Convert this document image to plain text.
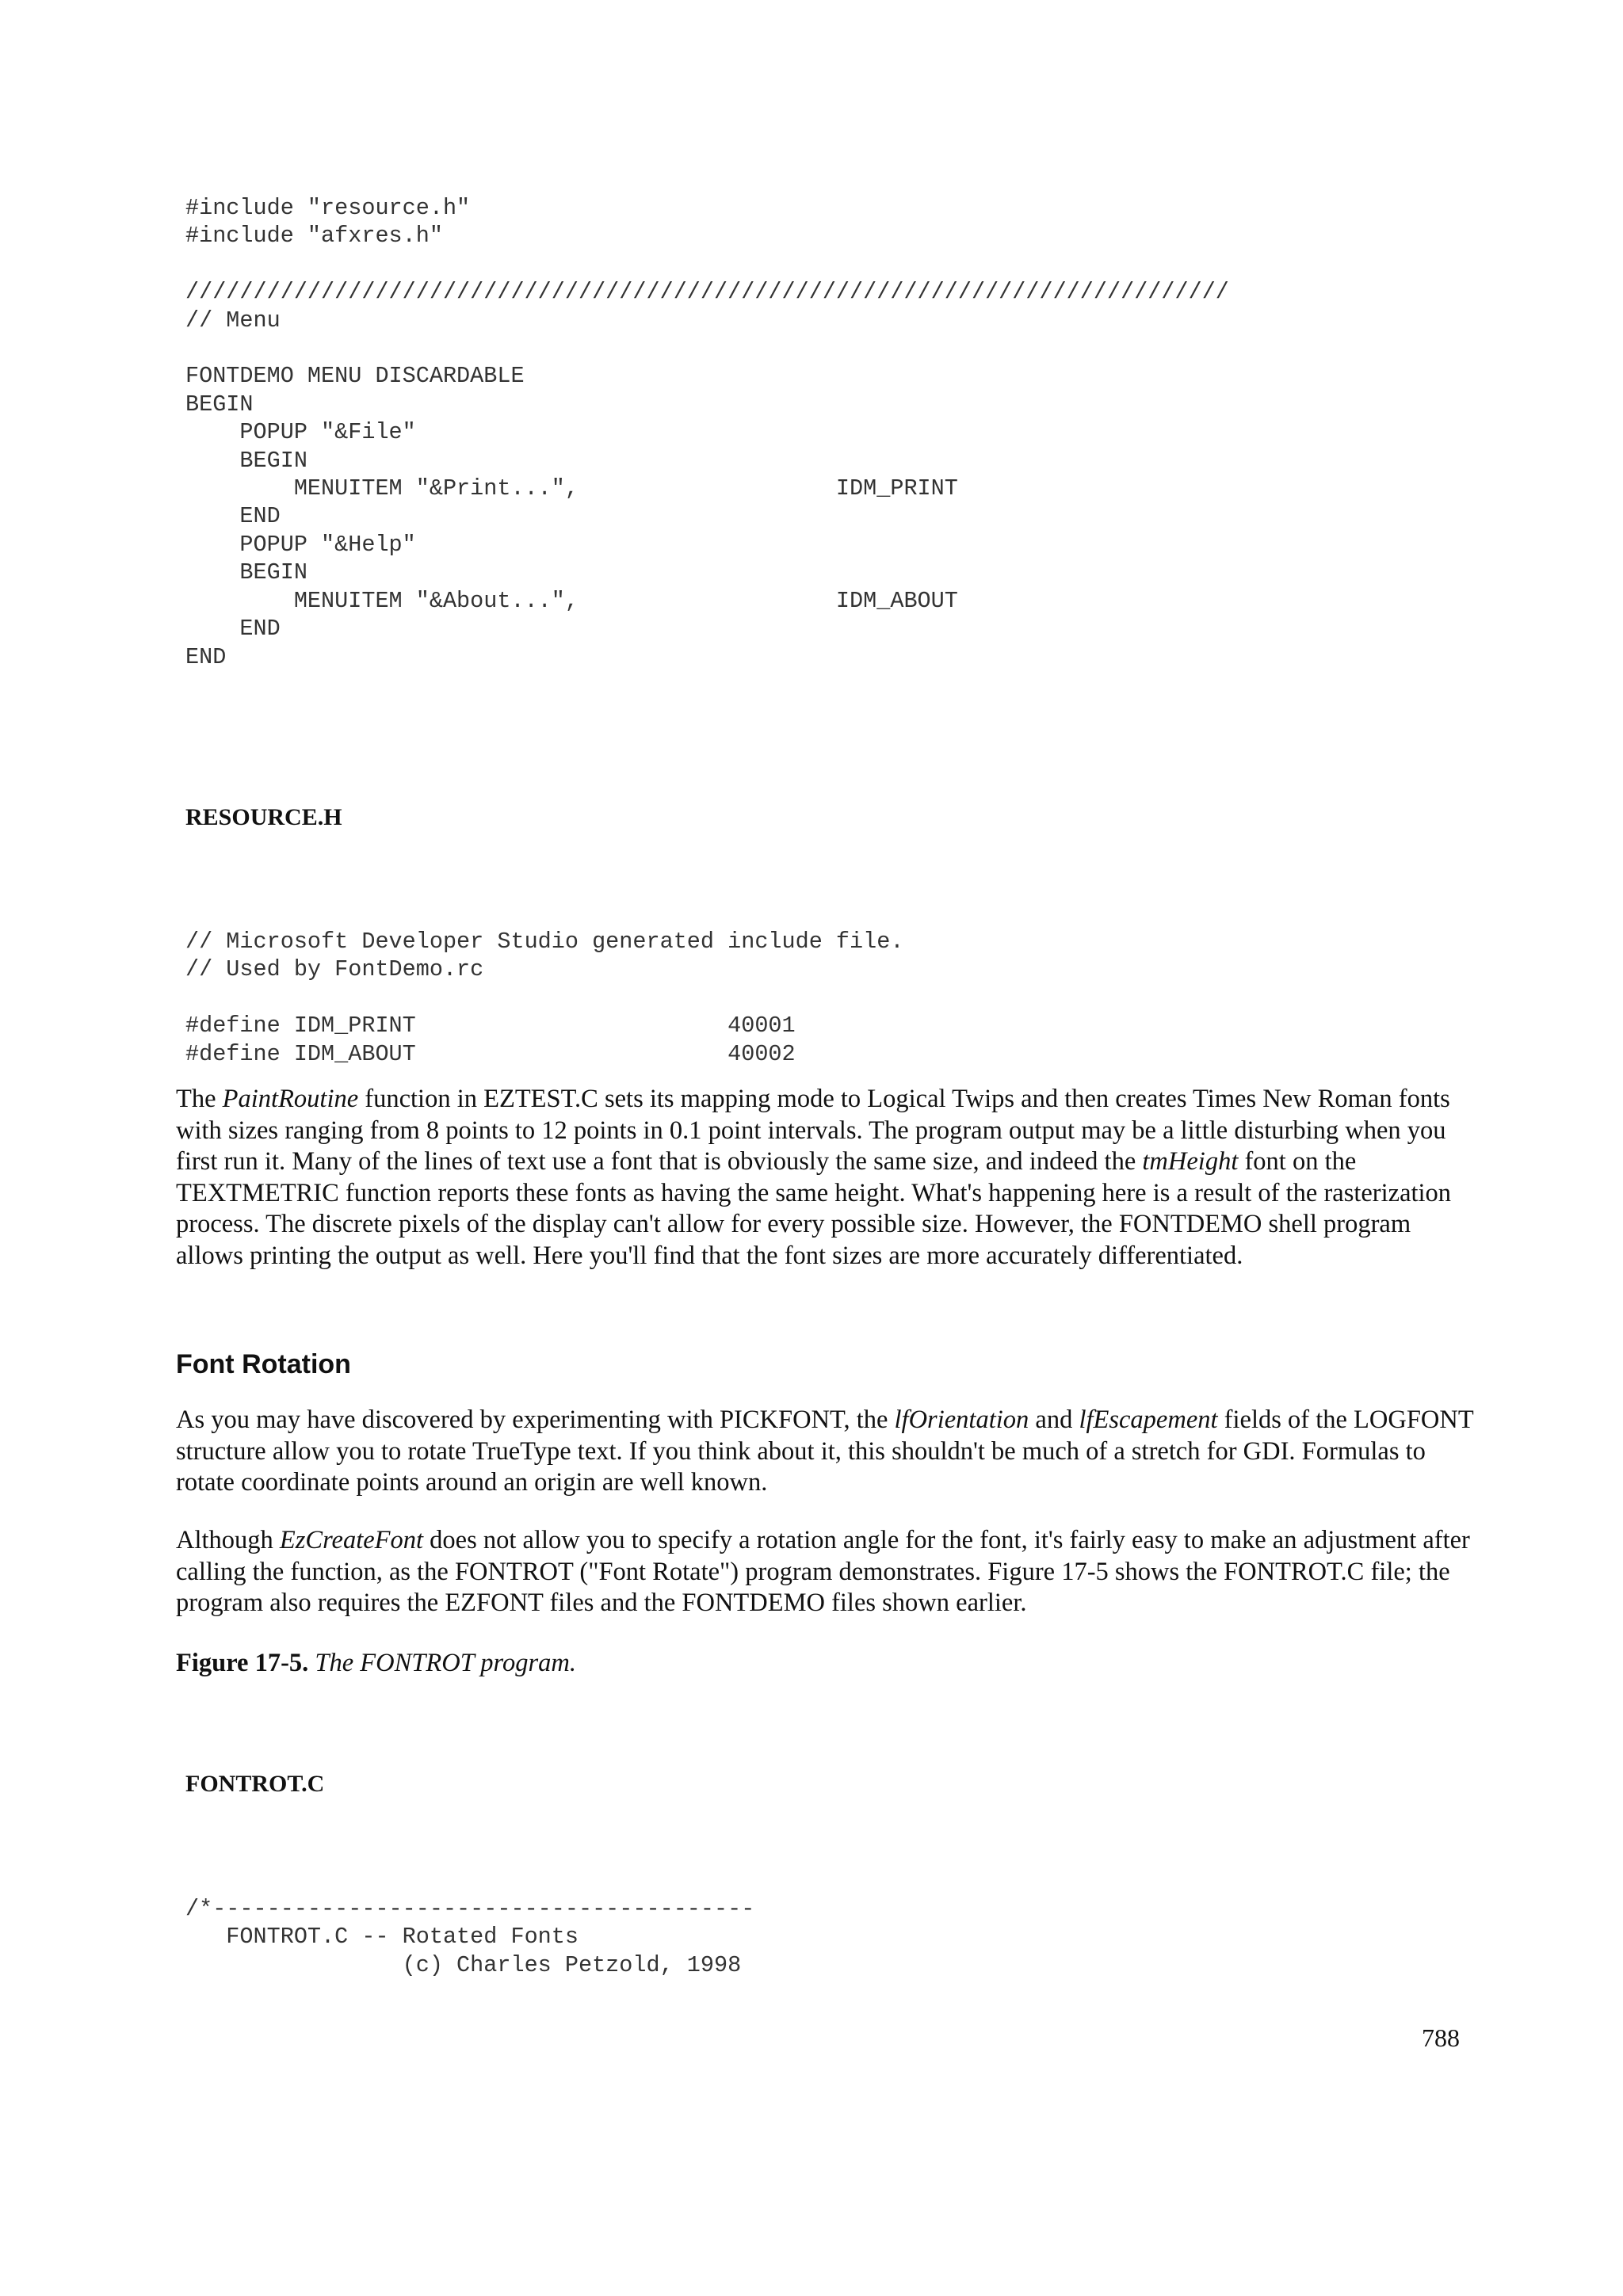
#include "resource.h"
#include "afxres.h"

/////////////////////////////////////////////////////////////////////////////
// Menu

FONTDEMO MENU DISCARDABLE
BEGIN
POPUP "&File"
BEGIN
MENUITEM "&Print...",                   IDM_PRINT
END
POPUP "&Help"
BEGIN
MENUITEM "&About...",                   IDM_ABOUT
END
END
RESOURCE.H
// Microsoft Developer Studio generated include file.
// Used by FontDemo.rc

#define IDM_PRINT                       40001
#define IDM_ABOUT                       40002

The PaintRoutine function in EZTEST.C sets its mapping mode to Logical Twips and then creates Times New Roman fonts with sizes ranging from 8 points to 12 points in 0.1 point intervals. The program output may be a little disturbing when you first run it. Many of the lines of text use a font that is obviously the same size, and indeed the tmHeight font on the TEXTMETRIC function reports these fonts as having the same height. What's happening here is a result of the rasterization process. The discrete pixels of the display can't allow for every possible size. However, the FONTDEMO shell program allows printing the output as well. Here you'll find that the font sizes are more accurately differentiated.

Font Rotation

As you may have discovered by experimenting with PICKFONT, the lfOrientation and lfEscapement fields of the LOGFONT structure allow you to rotate TrueType text. If you think about it, this shouldn't be much of a stretch for GDI. Formulas to rotate coordinate points around an origin are well known.

Although EzCreateFont does not allow you to specify a rotation angle for the font, it's fairly easy to make an adjustment after calling the function, as the FONTROT ("Font Rotate") program demonstrates. Figure 17-5 shows the FONTROT.C file; the program also requires the EZFONT files and the FONTDEMO files shown earlier.

Figure 17-5. The FONTROT program.

FONTROT.C
/*----------------------------------------
FONTROT.C -- Rotated Fonts
(c) Charles Petzold, 1998
788
